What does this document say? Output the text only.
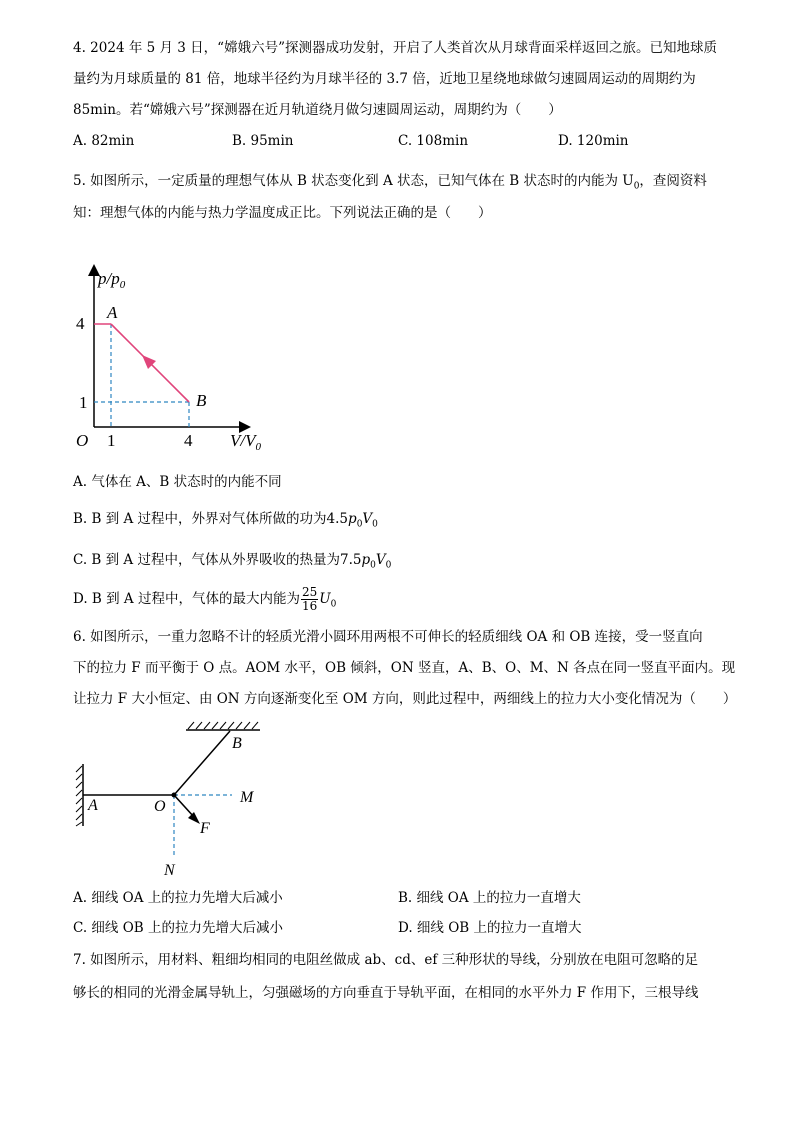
4. 2024 年 5 月 3 日，“嫦娥六号”探测器成功发射，开启了人类首次从月球背面采样返回之旅。已知地球质
量约为月球质量的 81 倍，地球半径约为月球半径的 3.7 倍，近地卫星绕地球做匀速圆周运动的周期约为
85min。若“嫦娥六号”探测器在近月轨道绕月做匀速圆周运动，周期约为（　　）
A. 82min	B. 95min	C. 108min	D. 120min
5. 如图所示，一定质量的理想气体从 B 状态变化到 A 状态，已知气体在 B 状态时的内能为 $U_0$，查阅资料
知：理想气体的内能与热力学温度成正比。下列说法正确的是（　　）
$p/p_0$
4
1
O 1	4 $V/V_0$
A
B
A. 气体在 A、B 状态时的内能不同
B. B 到 A 过程中，外界对气体所做的功为$4.5p_0V_0$
C. B 到 A 过程中，气体从外界吸收的热量为$7.5p_0V_0$
D. B 到 A 过程中，气体的最大内能为 $\frac{25}{16} U_0$
6. 如图所示，一重力忽略不计的轻质光滑小圆环用两根不可伸长的轻质细线 OA 和 OB 连接，受一竖直向
下的拉力 F 而平衡于 O 点。AOM 水平，OB 倾斜，ON 竖直，A、B、O、M、N 各点在同一竖直平面内。现
让拉力 F 大小恒定、由 ON 方向逐渐变化至 OM 方向，则此过程中，两细线上的拉力大小变化情况为（　　）
A
B
O
M
N
F
A. 细线 OA 上的拉力先增大后减小	B. 细线 OA 上的拉力一直增大
C. 细线 OB 上的拉力先增大后减小	D. 细线 OB 上的拉力一直增大
7. 如图所示，用材料、粗细均相同的电阻丝做成 ab、cd、ef 三种形状的导线，分别放在电阻可忽略的足
够长的相同的光滑金属导轨上，匀强磁场的方向垂直于导轨平面，在相同的水平外力 F 作用下，三根导线
